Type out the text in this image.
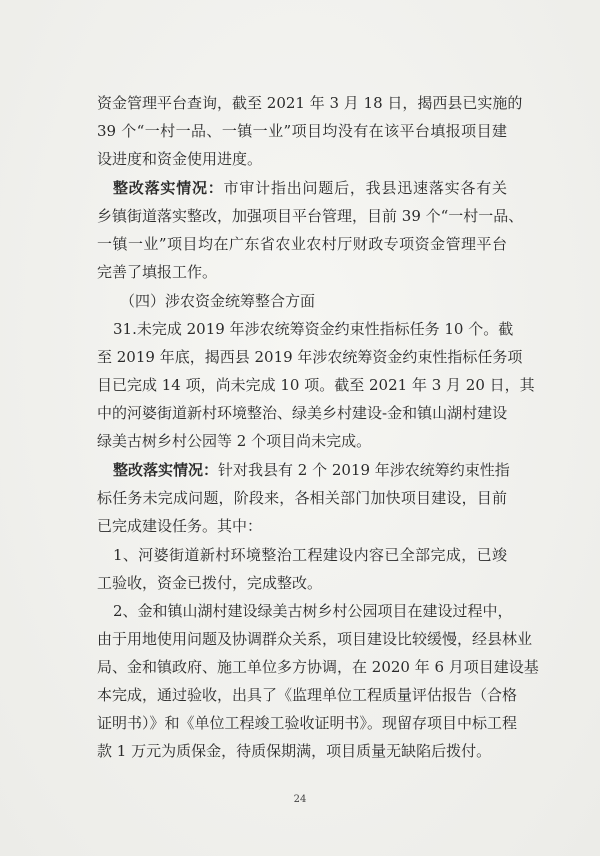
资金管理平台查询，截至 2021 年 3 月 18 日，揭西县已实施的
39 个“一村一品、一镇一业”项目均没有在该平台填报项目建
设进度和资金使用进度。
整改落实情况：市审计指出问题后，我县迅速落实各有关
乡镇街道落实整改，加强项目平台管理，目前 39 个“一村一品、
一镇一业”项目均在广东省农业农村厅财政专项资金管理平台
完善了填报工作。
（四）涉农资金统筹整合方面
31.未完成 2019 年涉农统筹资金约束性指标任务 10 个。截
至 2019 年底，揭西县 2019 年涉农统筹资金约束性指标任务项
目已完成 14 项，尚未完成 10 项。截至 2021 年 3 月 20 日，其
中的河婆街道新村环境整治、绿美乡村建设-金和镇山湖村建设
绿美古树乡村公园等 2 个项目尚未完成。
整改落实情况：针对我县有 2 个 2019 年涉农统筹约束性指
标任务未完成问题，阶段来，各相关部门加快项目建设，目前
已完成建设任务。其中：
1、河婆街道新村环境整治工程建设内容已全部完成，已竣
工验收，资金已拨付，完成整改。
2、金和镇山湖村建设绿美古树乡村公园项目在建设过程中，
由于用地使用问题及协调群众关系，项目建设比较缓慢，经县林业
局、金和镇政府、施工单位多方协调，在 2020 年 6 月项目建设基
本完成，通过验收，出具了《监理单位工程质量评估报告（合格
证明书）》和《单位工程竣工验收证明书》。现留存项目中标工程
款 1 万元为质保金，待质保期满，项目质量无缺陷后拨付。
24
